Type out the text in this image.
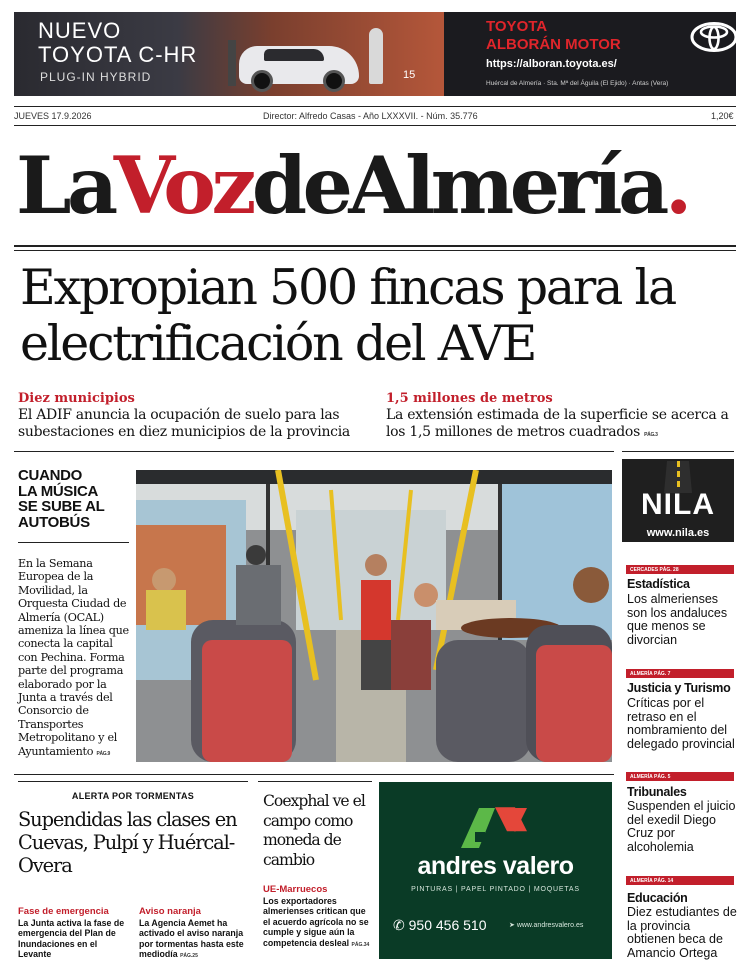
NUEVO
TOYOTA C-HR
PLUG-IN HYBRID	15
TOYOTA
ALBORÁN MOTOR
https://alboran.toyota.es/
Huércal de Almería · Sta. Mª del Águila (El Ejido) · Antas (Vera)
JUEVES 17.9.2026	Director: Alfredo Casas - Año LXXXVII. - Núm. 35.776	1,20€
LaVozdeAlmería.
Expropian 500 fincas para la
electrificación del AVE
Diez municipios
El ADIF anuncia la ocupación de suelo para las subestaciones en diez municipios de la provincia
1,5 millones de metros
La extensión estimada de la superficie se acerca a los 1,5 millones de metros cuadrados PÁG.3
CUANDO
LA MÚSICA
SE SUBE AL
AUTOBÚS
En la Semana Europea de la Movilidad, la Orquesta Ciudad de Almería (OCAL) ameniza la línea que conecta la capital con Pechina. Forma parte del programa elaborado por la Junta a través del Consorcio de Transportes Metropolitano y el Ayuntamiento PÁG.9
NILA
www.nila.es
CERCADES PÁG. 28
Estadística
Los almerienses son los andaluces que menos se divorcian
ALMERÍA PÁG. 7
Justicia y Turismo
Críticas por el retraso en el nombramiento del delegado provincial
ALMERÍA PÁG. 5
Tribunales
Suspenden el juicio del exedil Diego Cruz por alcoholemia
ALMERÍA PÁG. 14
Educación
Diez estudiantes de la provincia obtienen beca de Amancio Ortega
ALERTA POR TORMENTAS
Supendidas las clases en Cuevas, Pulpí y Huércal-Overa
Fase de emergencia
La Junta activa la fase de emergencia del Plan de Inundaciones en el Levante
Aviso naranja
La Agencia Aemet ha activado el aviso naranja por tormentas hasta este mediodía PÁG.25
Coexphal ve el campo como moneda de cambio
UE-Marruecos
Los exportadores almerienses critican que el acuerdo agrícola no se cumple y sigue aún la competencia desleal PÁG.34
andres valero
PINTURAS | PAPEL PINTADO | MOQUETAS
✆ 950 456 510	➤ www.andresvalero.es
